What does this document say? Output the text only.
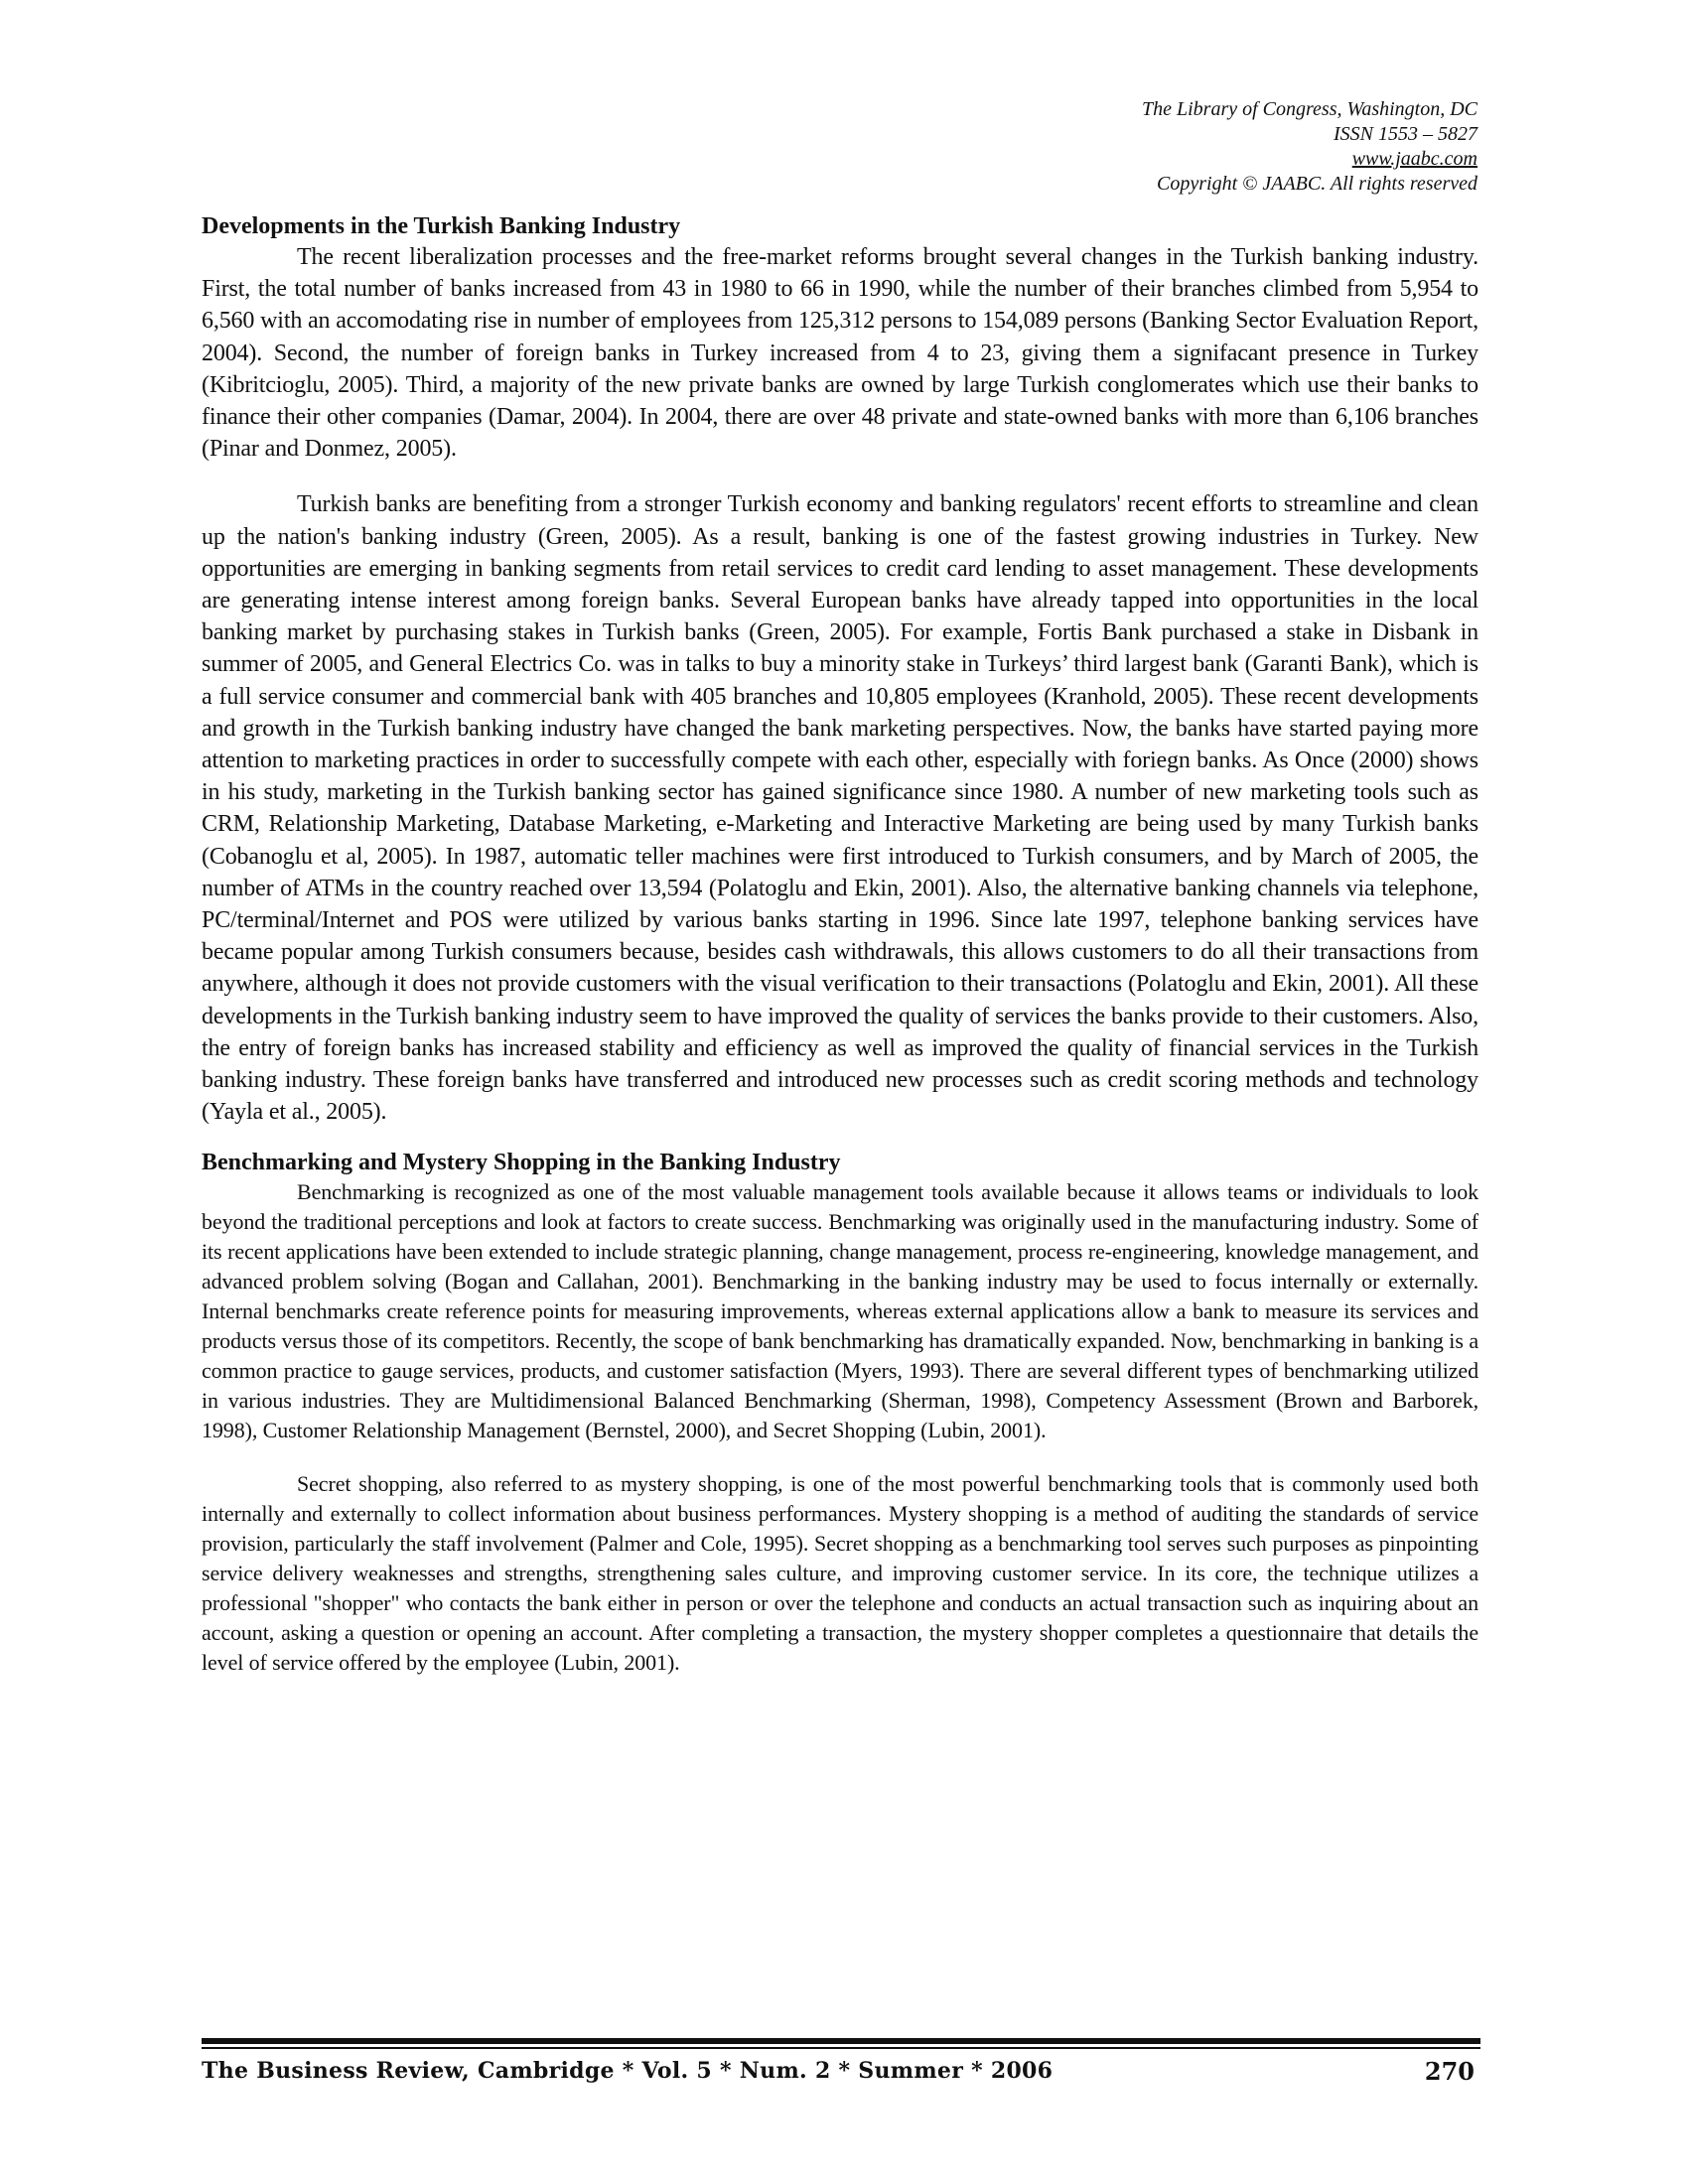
The Library of Congress, Washington, DC
ISSN 1553 – 5827
www.jaabc.com
Copyright © JAABC. All rights reserved
Developments in the Turkish Banking Industry

The recent liberalization processes and the free-market reforms brought several changes in the Turkish banking industry. First, the total number of banks increased from 43 in 1980 to 66 in 1990, while the number of their branches climbed from 5,954 to 6,560 with an accomodating rise in number of employees from 125,312 persons to 154,089 persons (Banking Sector Evaluation Report, 2004). Second, the number of foreign banks in Turkey increased from 4 to 23, giving them a signifacant presence in Turkey (Kibritcioglu, 2005). Third, a majority of the new private banks are owned by large Turkish conglomerates which use their banks to finance their other companies (Damar, 2004). In 2004, there are over 48 private and state-owned banks with more than 6,106 branches (Pinar and Donmez, 2005).

Turkish banks are benefiting from a stronger Turkish economy and banking regulators' recent efforts to streamline and clean up the nation's banking industry (Green, 2005). As a result, banking is one of the fastest growing industries in Turkey. New opportunities are emerging in banking segments from retail services to credit card lending to asset management. These developments are generating intense interest among foreign banks. Several European banks have already tapped into opportunities in the local banking market by purchasing stakes in Turkish banks (Green, 2005). For example, Fortis Bank purchased a stake in Disbank in summer of 2005, and General Electrics Co. was in talks to buy a minority stake in Turkeys’ third largest bank (Garanti Bank), which is a full service consumer and commercial bank with 405 branches and 10,805 employees (Kranhold, 2005). These recent developments and growth in the Turkish banking industry have changed the bank marketing perspectives. Now, the banks have started paying more attention to marketing practices in order to successfully compete with each other, especially with foriegn banks. As Once (2000) shows in his study, marketing in the Turkish banking sector has gained significance since 1980. A number of new marketing tools such as CRM, Relationship Marketing, Database Marketing, e-Marketing and Interactive Marketing are being used by many Turkish banks (Cobanoglu et al, 2005). In 1987, automatic teller machines were first introduced to Turkish consumers, and by March of 2005, the number of ATMs in the country reached over 13,594 (Polatoglu and Ekin, 2001). Also, the alternative banking channels via telephone, PC/terminal/Internet and POS were utilized by various banks starting in 1996. Since late 1997, telephone banking services have became popular among Turkish consumers because, besides cash withdrawals, this allows customers to do all their transactions from anywhere, although it does not provide customers with the visual verification to their transactions (Polatoglu and Ekin, 2001). All these developments in the Turkish banking industry seem to have improved the quality of services the banks provide to their customers. Also, the entry of foreign banks has increased stability and efficiency as well as improved the quality of financial services in the Turkish banking industry. These foreign banks have transferred and introduced new processes such as credit scoring methods and technology (Yayla et al., 2005).

Benchmarking and Mystery Shopping in the Banking Industry

Benchmarking is recognized as one of the most valuable management tools available because it allows teams or individuals to look beyond the traditional perceptions and look at factors to create success. Benchmarking was originally used in the manufacturing industry. Some of its recent applications have been extended to include strategic planning, change management, process re-engineering, knowledge management, and advanced problem solving (Bogan and Callahan, 2001). Benchmarking in the banking industry may be used to focus internally or externally. Internal benchmarks create reference points for measuring improvements, whereas external applications allow a bank to measure its services and products versus those of its competitors. Recently, the scope of bank benchmarking has dramatically expanded. Now, benchmarking in banking is a common practice to gauge services, products, and customer satisfaction (Myers, 1993). There are several different types of benchmarking utilized in various industries. They are Multidimensional Balanced Benchmarking (Sherman, 1998), Competency Assessment (Brown and Barborek, 1998), Customer Relationship Management (Bernstel, 2000), and Secret Shopping (Lubin, 2001).

Secret shopping, also referred to as mystery shopping, is one of the most powerful benchmarking tools that is commonly used both internally and externally to collect information about business performances. Mystery shopping is a method of auditing the standards of service provision, particularly the staff involvement (Palmer and Cole, 1995). Secret shopping as a benchmarking tool serves such purposes as pinpointing service delivery weaknesses and strengths, strengthening sales culture, and improving customer service. In its core, the technique utilizes a professional "shopper" who contacts the bank either in person or over the telephone and conducts an actual transaction such as inquiring about an account, asking a question or opening an account. After completing a transaction, the mystery shopper completes a questionnaire that details the level of service offered by the employee (Lubin, 2001).

The Business Review, Cambridge * Vol. 5 * Num. 2 * Summer * 2006	270
